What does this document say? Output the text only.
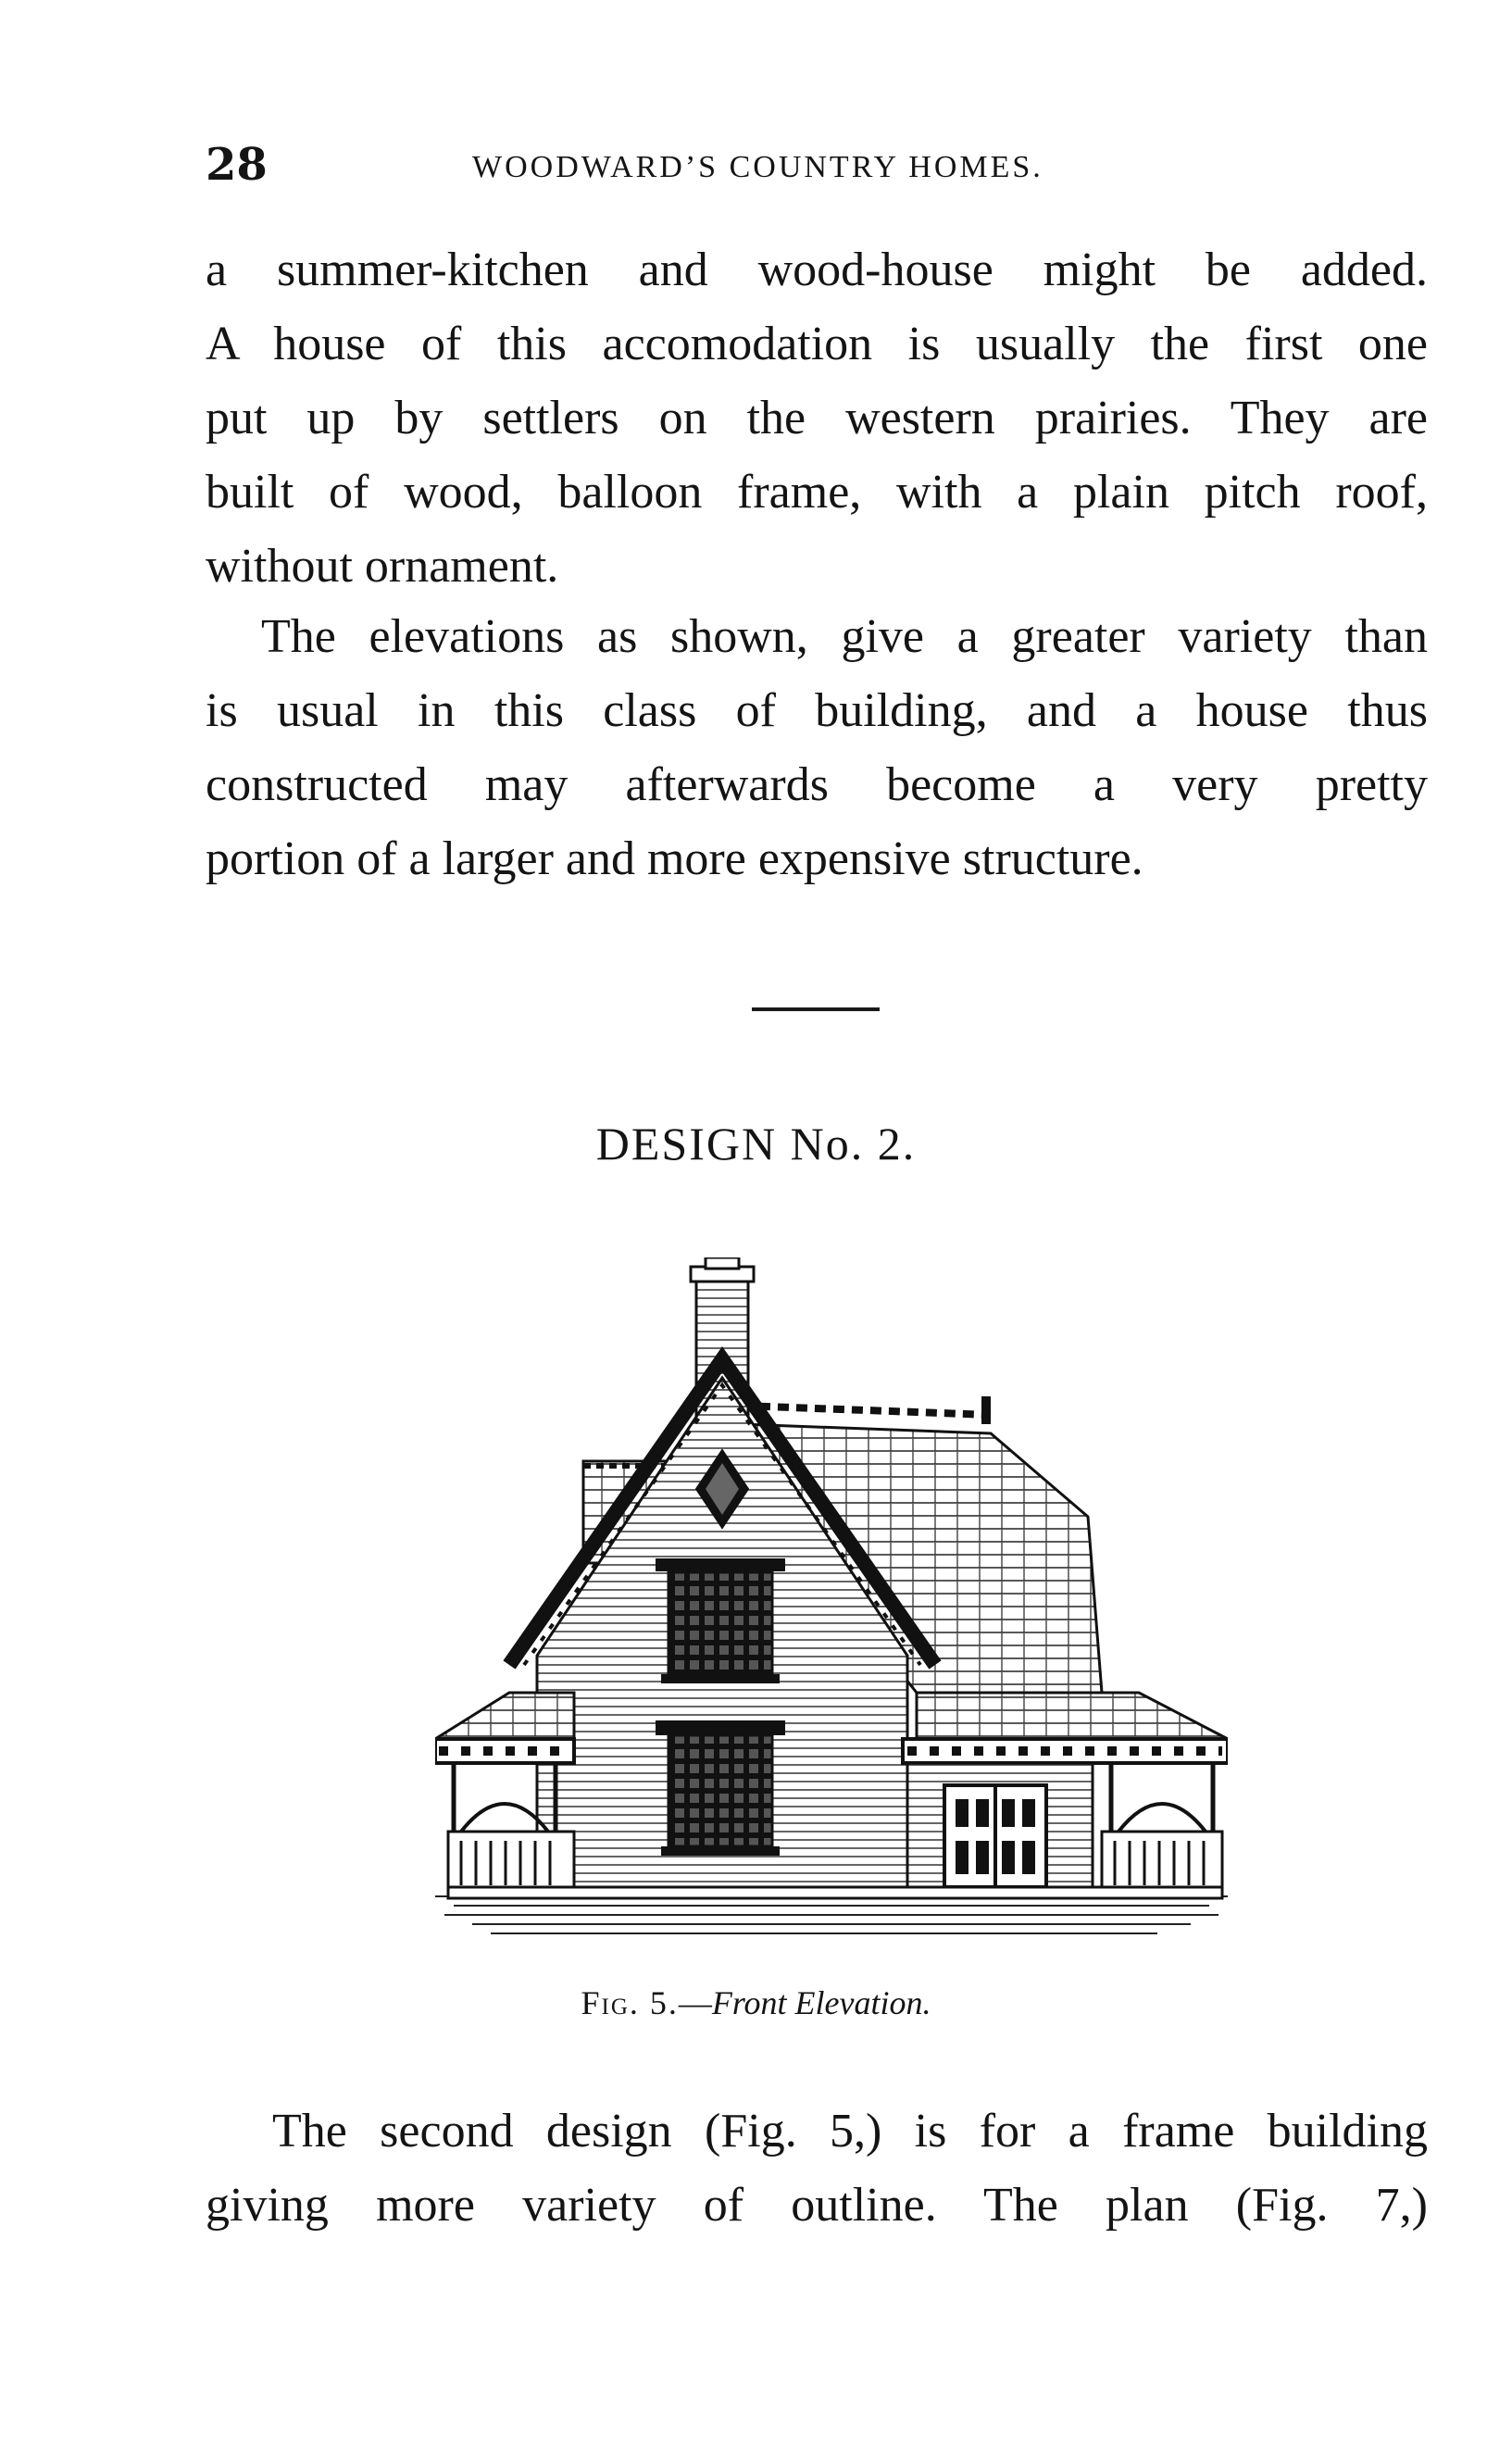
28	WOODWARD’S COUNTRY HOMES.

a summer-kitchen and wood-house might be added.
A house of this accomodation is usually the first one
put up by settlers on the western prairies. They are
built of wood, balloon frame, with a plain pitch roof,
without ornament.

The elevations as shown, give a greater variety than
is usual in this class of building, and a house thus
constructed may afterwards become a very pretty
portion of a larger and more expensive structure.

DESIGN No. 2.
Fig. 5.—Front Elevation.

The second design (Fig. 5,) is for a frame building
giving more variety of outline. The plan (Fig. 7,)
